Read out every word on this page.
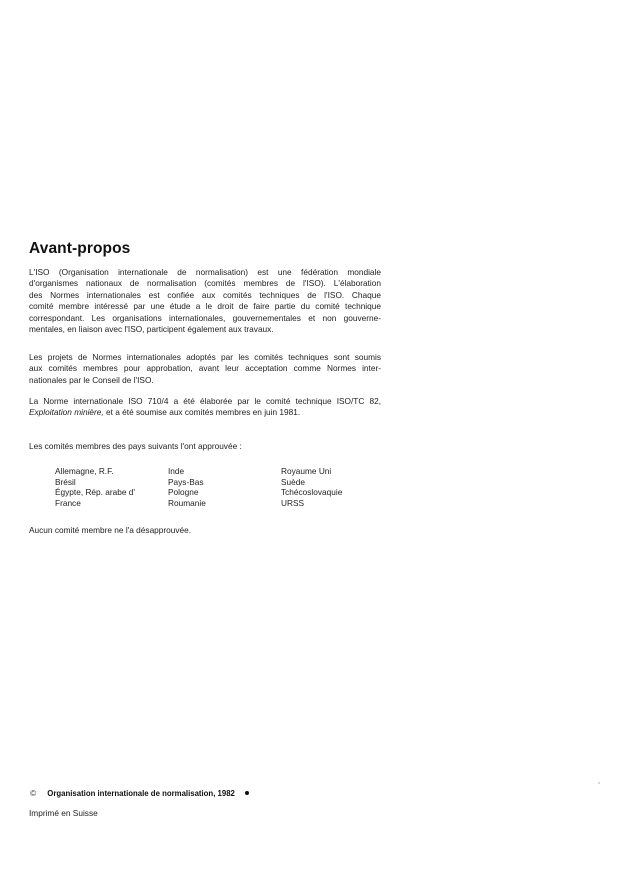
Avant-propos

L'ISO (Organisation internationale de normalisation) est une fédération mondiale
d'organismes nationaux de normalisation (comités membres de l'ISO). L'élaboration
des Normes internationales est confiée aux comités techniques de l'ISO. Chaque
comité membre intéressé par une étude a le droit de faire partie du comité technique
correspondant. Les organisations internationales, gouvernementales et non gouverne-
mentales, en liaison avec l'ISO, participent également aux travaux.

Les projets de Normes internationales adoptés par les comités techniques sont soumis
aux comités membres pour approbation, avant leur acceptation comme Normes inter-
nationales par le Conseil de l'ISO.

La Norme internationale ISO 710/4 a été élaborée par le comité technique ISO/TC 82,
Exploitation minière, et a été soumise aux comités membres en juin 1981.

Les comités membres des pays suivants l'ont approuvée :

Allemagne, R.F.	Inde	Royaume Uni
Brésil	Pays-Bas	Suède
Égypte, Rép. arabe d'	Pologne	Tchécoslovaquie
France	Roumanie	URSS

Aucun comité membre ne l'a désapprouvée.

© Organisation internationale de normalisation, 1982
Imprimé en Suisse
